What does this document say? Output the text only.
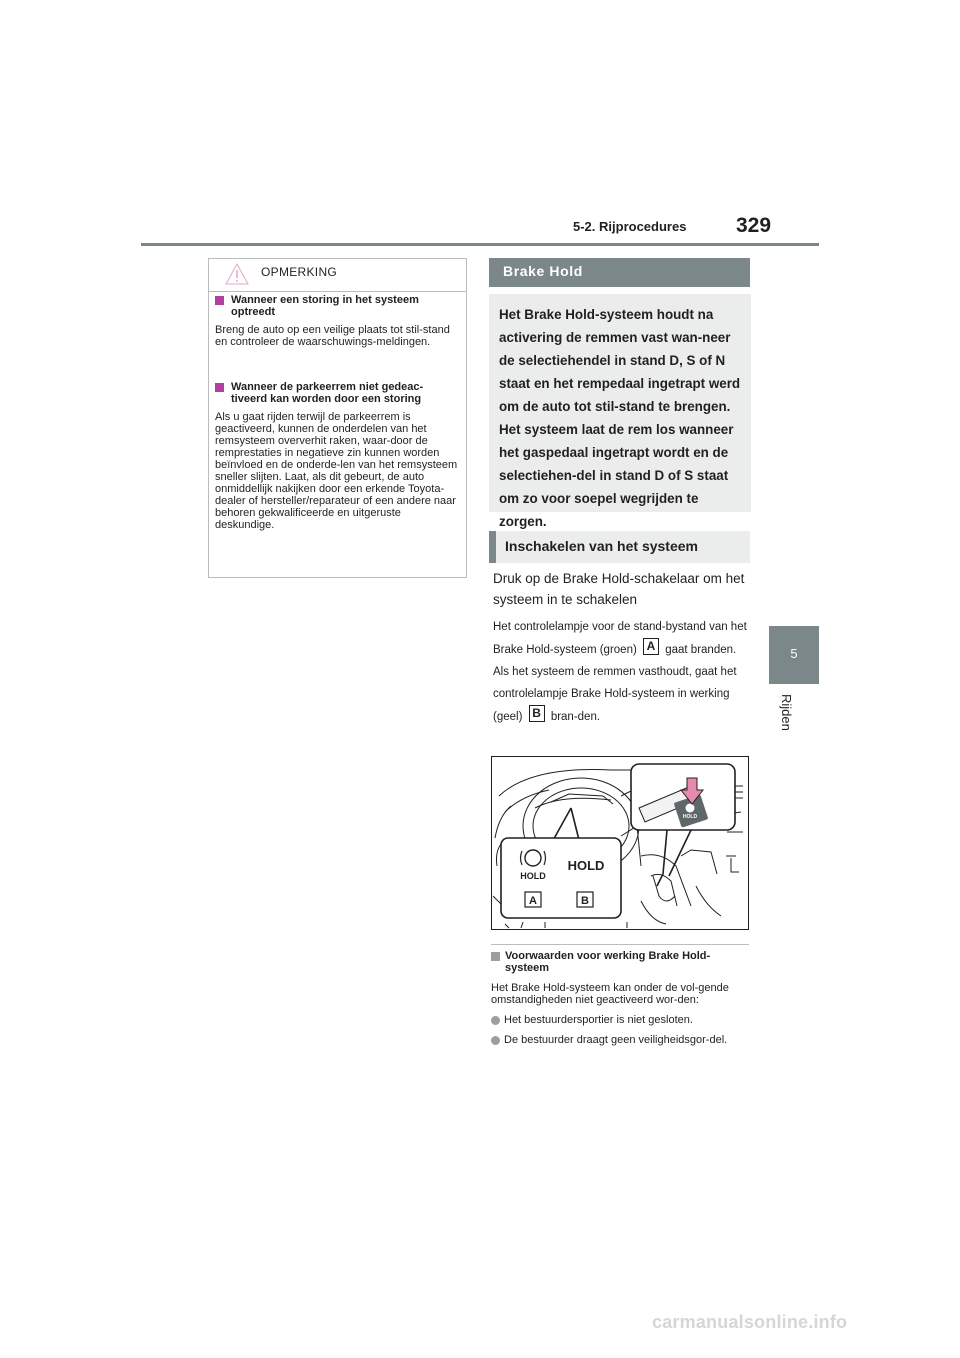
5-2. Rijprocedures 329
5
Rijden
OPMERKING
Wanneer een storing in het systeem optreedt
Breng de auto op een veilige plaats tot stil-stand en controleer de waarschuwings-meldingen.
Wanneer de parkeerrem niet gedeac-tiveerd kan worden door een storing
Als u gaat rijden terwijl de parkeerrem is geactiveerd, kunnen de onderdelen van het remsysteem oververhit raken, waar-door de remprestaties in negatieve zin kunnen worden beïnvloed en de onderde-len van het remsysteem sneller slijten. Laat, als dit gebeurt, de auto onmiddellijk nakijken door een erkende Toyota-dealer of hersteller/reparateur of een andere naar behoren gekwalificeerde en uitgeruste deskundige.
Brake Hold
Het Brake Hold-systeem houdt na activering de remmen vast wan-neer de selectiehendel in stand D, S of N staat en het rempedaal ingetrapt werd om de auto tot stil-stand te brengen. Het systeem laat de rem los wanneer het gaspedaal ingetrapt wordt en de selectiehen-del in stand D of S staat om zo voor soepel wegrijden te zorgen.
Inschakelen van het systeem
Druk op de Brake Hold-schakelaar om het systeem in te schakelen
Het controlelampje voor de stand-bystand van het Brake Hold-systeem (groen) A gaat branden. Als het systeem de remmen vasthoudt, gaat het controlelampje Brake Hold-systeem in werking (geel) B bran-den.
HOLD
HOLD
HOLD
A	B
Voorwaarden voor werking Brake Hold-systeem
Het Brake Hold-systeem kan onder de vol-gende omstandigheden niet geactiveerd wor-den:
Het bestuurdersportier is niet gesloten.
De bestuurder draagt geen veiligheidsgor-del.
carmanualsonline.info
